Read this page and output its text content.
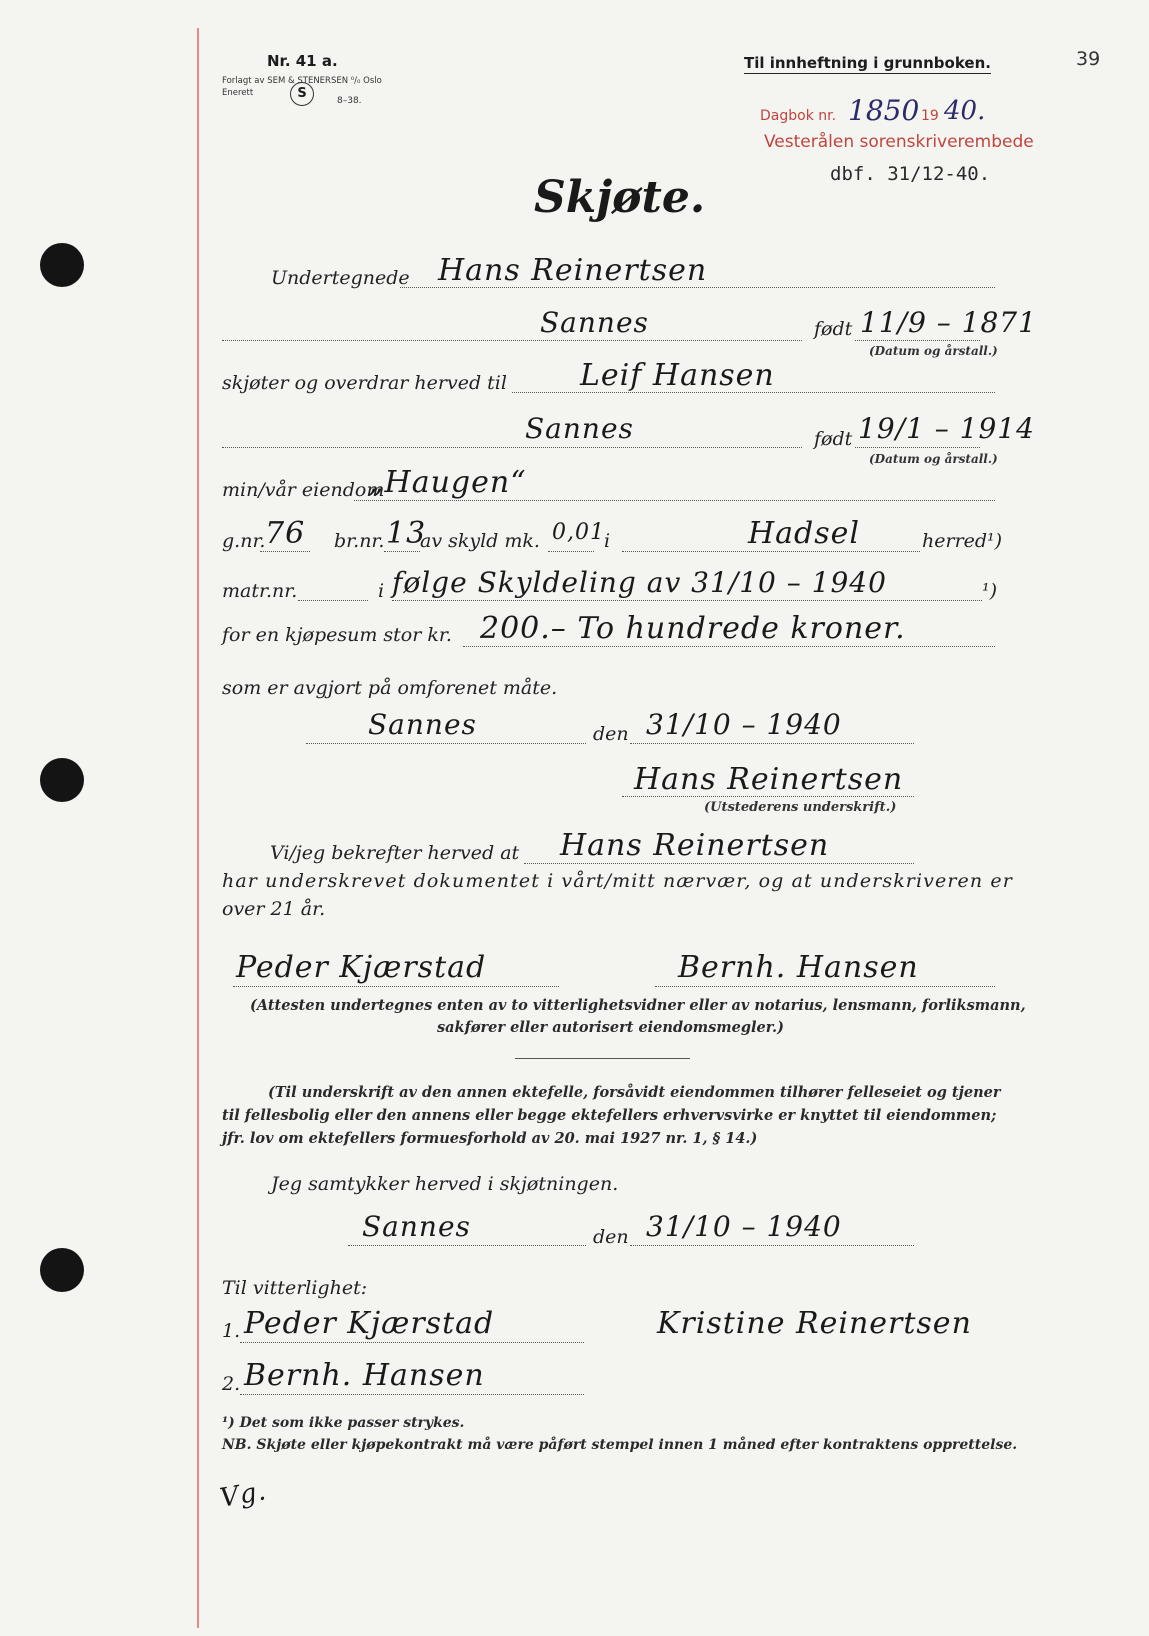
Nr. 41 a.
Forlagt av SEM & STENERSEN ⁰/₀ Oslo
Enerett	S	8–38.
Til innheftning i grunnboken.	39
Dagbok nr. 1850 19 40.
Vesterålen sorenskriverembede
dbf. 31/12-40.
Skjøte.
Undertegnede Hans Reinertsen
Sannes	født 11/9 – 1871
(Datum og årstall.)
skjøter og overdrar herved til Leif Hansen
Sannes	født 19/1 – 1914
(Datum og årstall.)
min/vår eiendom
„Haugen“
g.nr. 76 br.nr. 13
av skyld mk. 0,01 i	Hadsel	herred¹)
matr.nr.	i følge Skyldeling av 31/10 – 1940	¹)
for en kjøpesum stor kr. 200.– To hundrede kroner.
som er avgjort på omforenet måte.
Sannes	den 31/10 – 1940
Hans Reinertsen
(Utstederens underskrift.)
Vi/jeg bekrefter herved at Hans Reinertsen
har underskrevet dokumentet i vårt/mitt nærvær, og at underskriveren er
over 21 år.
Peder Kjærstad	Bernh. Hansen
(Attesten undertegnes enten av to vitterlighetsvidner eller av notarius, lensmann, forliksmann,
sakfører eller autorisert eiendomsmegler.)
(Til underskrift av den annen ektefelle, forsåvidt eiendommen tilhører felleseiet og tjener
til fellesbolig eller den annens eller begge ektefellers erhvervsvirke er knyttet til eiendommen;
jfr. lov om ektefellers formuesforhold av 20. mai 1927 nr. 1, § 14.)
Jeg samtykker herved i skjøtningen.
Sannes	den 31/10 – 1940
Til vitterlighet:
1. Peder Kjærstad	Kristine Reinertsen
2. Bernh. Hansen
¹) Det som ikke passer strykes.
NB. Skjøte eller kjøpekontrakt må være påført stempel innen 1 måned efter kontraktens opprettelse.
Vg.
